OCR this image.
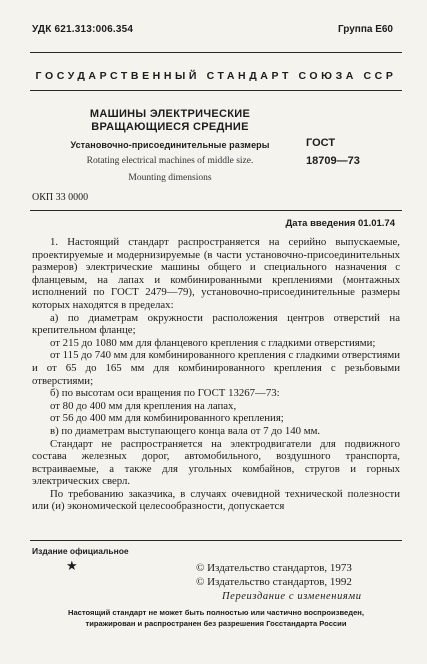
УДК 621.313:006.354	Группа Е60
ГОСУДАРСТВЕННЫЙ СТАНДАРТ СОЮЗА ССР
МАШИНЫ ЭЛЕКТРИЧЕСКИЕ
ВРАЩАЮЩИЕСЯ СРЕДНИЕ
Установочно-присоединительные размеры
Rotating electrical machines of middle size.
Mounting dimensions
ГОСТ
18709—73
ОКП 33 0000
Дата введения 01.01.74

1. Настоящий стандарт распространяется на серийно выпускаемые, проектируемые и модернизируемые (в части установочно-присоединительных размеров) электрические машины общего и специального назначения с фланцевым, на лапах и комбинированными креплениями (монтажных исполнений по ГОСТ 2479—79), установочно-присоединительные размеры которых находятся в пределах:

а) по диаметрам окружности расположения центров отверстий на крепительном фланце;

от 215 до 1080 мм для фланцевого крепления с гладкими отверстиями;

от 115 до 740 мм для комбинированного крепления с гладкими отверстиями и от 65 до 165 мм для комбинированного крепления с резьбовыми отверстиями;

б) по высотам оси вращения по ГОСТ 13267—73:

от 80 до 400 мм для крепления на лапах,

от 56 до 400 мм для комбинированного крепления;

в) по диаметрам выступающего конца вала от 7 до 140 мм.

Стандарт не распространяется на электродвигатели для подвижного состава железных дорог, автомобильного, воздушного транспорта, встраиваемые, а также для угольных комбайнов, стругов и горных электрических сверл.

По требованию заказчика, в случаях очевидной технической полезности или (и) экономической целесообразности, допускается

Издание официальное
★	© Издательство стандартов, 1973
© Издательство стандартов, 1992
Переиздание с изменениями
Настоящий стандарт не может быть полностью или частично воспроизведен,
тиражирован и распространен без разрешения Госстандарта России
